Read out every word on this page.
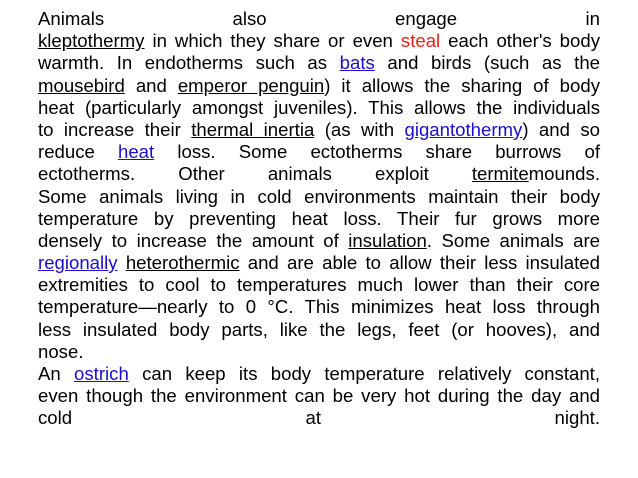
Animals also engage in
kleptothermy in which they share or even steal each other's body
warmth. In endotherms such as bats and birds (such as the
mousebird and emperor penguin) it allows the sharing of body
heat (particularly amongst juveniles). This allows the individuals
to increase their thermal inertia (as with gigantothermy) and so
reduce heat loss. Some ectotherms share burrows of
ectotherms. Other animals exploit termitemounds.
Some animals living in cold environments maintain their body
temperature by preventing heat loss. Their fur grows more
densely to increase the amount of insulation. Some animals are
regionally heterothermic and are able to allow their less insulated
extremities to cool to temperatures much lower than their core
temperature—nearly to 0 °C. This minimizes heat loss through
less insulated body parts, like the legs, feet (or hooves), and
nose.
An ostrich can keep its body temperature relatively constant,
even though the environment can be very hot during the day and
cold at night.
